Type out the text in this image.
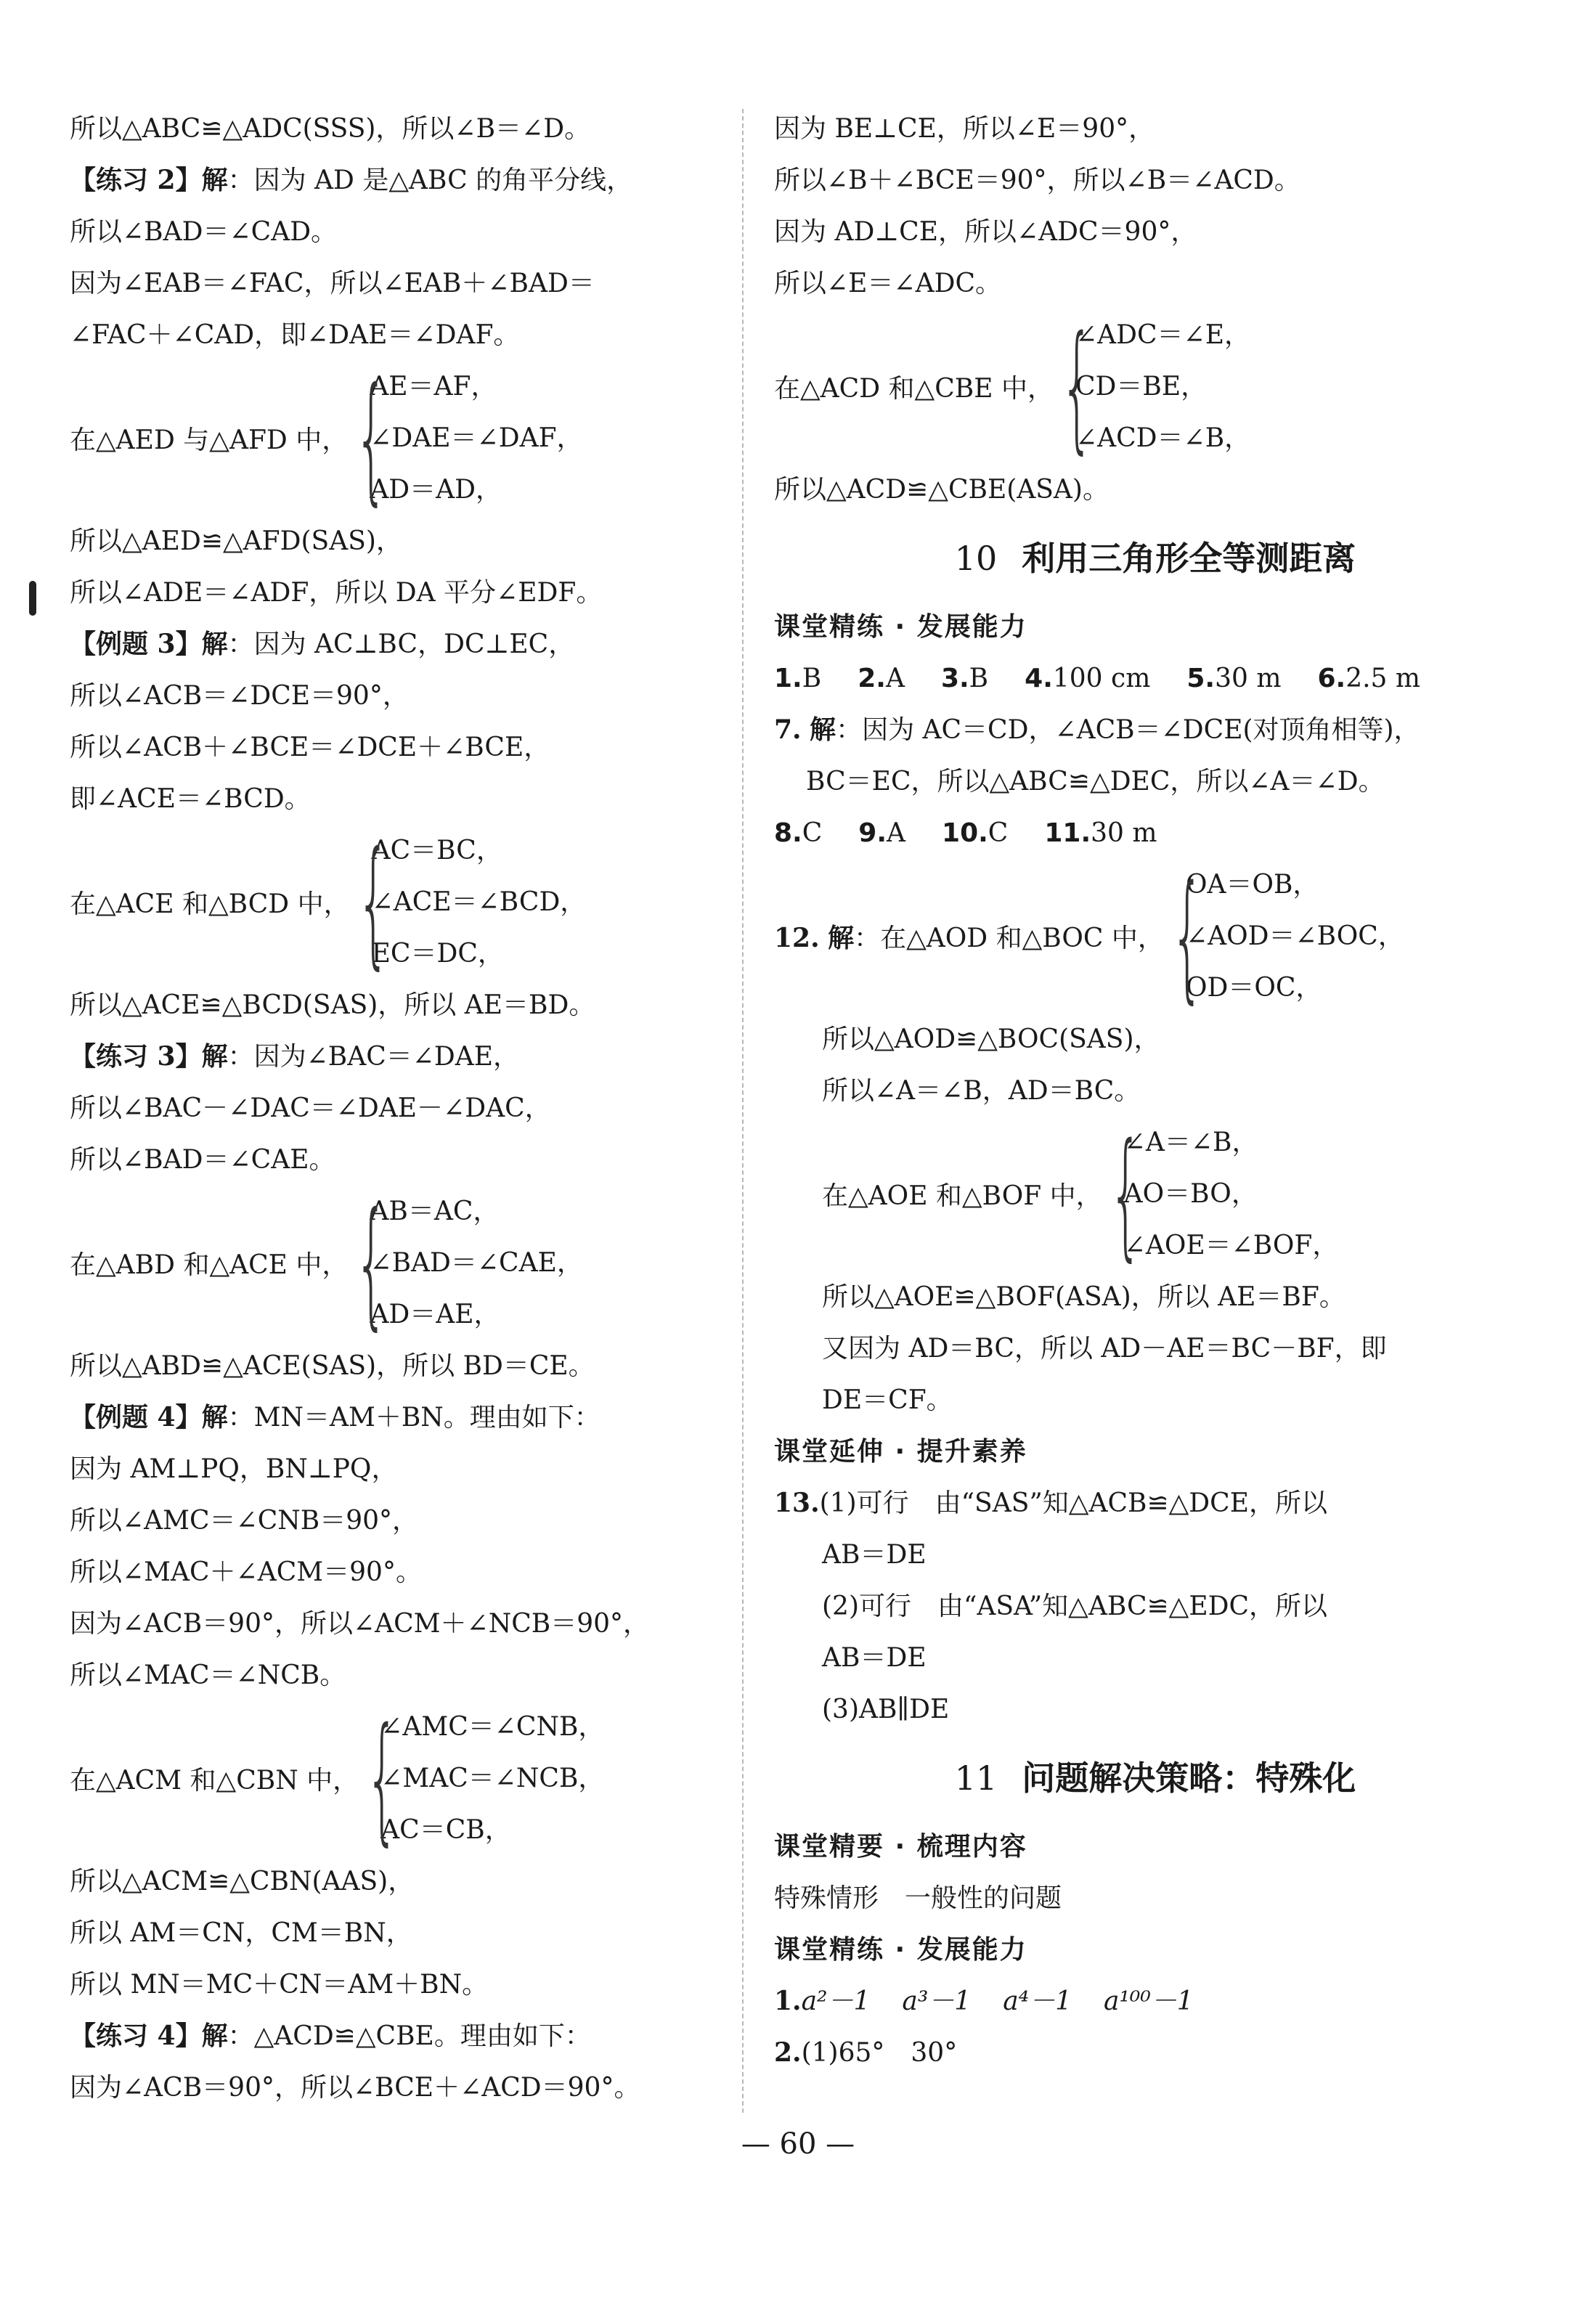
所以△ABC≌△ADC(SSS)，所以∠B＝∠D。
【练习 2】解：因为 AD 是△ABC 的角平分线，
所以∠BAD＝∠CAD。
因为∠EAB＝∠FAC，所以∠EAB＋∠BAD＝
∠FAC＋∠CAD，即∠DAE＝∠DAF。
在△AED 与△AFD 中， {
AE＝AF，
∠DAE＝∠DAF，
AD＝AD，
所以△AED≌△AFD(SAS)，
所以∠ADE＝∠ADF，所以 DA 平分∠EDF。
【例题 3】解：因为 AC⊥BC，DC⊥EC，
所以∠ACB＝∠DCE＝90°，
所以∠ACB＋∠BCE＝∠DCE＋∠BCE，
即∠ACE＝∠BCD。
在△ACE 和△BCD 中， {
AC＝BC，
∠ACE＝∠BCD，
EC＝DC，
所以△ACE≌△BCD(SAS)，所以 AE＝BD。
【练习 3】解：因为∠BAC＝∠DAE，
所以∠BAC－∠DAC＝∠DAE－∠DAC，
所以∠BAD＝∠CAE。
在△ABD 和△ACE 中， {
AB＝AC，
∠BAD＝∠CAE，
AD＝AE，
所以△ABD≌△ACE(SAS)，所以 BD＝CE。
【例题 4】解：MN＝AM＋BN。理由如下：
因为 AM⊥PQ，BN⊥PQ，
所以∠AMC＝∠CNB＝90°，
所以∠MAC＋∠ACM＝90°。
因为∠ACB＝90°，所以∠ACM＋∠NCB＝90°，
所以∠MAC＝∠NCB。
在△ACM 和△CBN 中， {
∠AMC＝∠CNB，
∠MAC＝∠NCB，
AC＝CB，
所以△ACM≌△CBN(AAS)，
所以 AM＝CN，CM＝BN，
所以 MN＝MC＋CN＝AM＋BN。
【练习 4】解：△ACD≌△CBE。理由如下：
因为∠ACB＝90°，所以∠BCE＋∠ACD＝90°。
因为 BE⊥CE，所以∠E＝90°，
所以∠B＋∠BCE＝90°，所以∠B＝∠ACD。
因为 AD⊥CE，所以∠ADC＝90°，
所以∠E＝∠ADC。
在△ACD 和△CBE 中， {
∠ADC＝∠E，
CD＝BE，
∠ACD＝∠B，
所以△ACD≌△CBE(ASA)。
10 利用三角形全等测距离
课堂精练 · 发展能力
1.B 2.A 3.B 4.100 cm 5.30 m 6.2.5 m
7. 解：因为 AC＝CD，∠ACB＝∠DCE(对顶角相等)，
BC＝EC，所以△ABC≌△DEC，所以∠A＝∠D。
8.C 9.A 10.C 11.30 m
12. 解：在△AOD 和△BOC 中， {
OA＝OB，
∠AOD＝∠BOC，
OD＝OC，
所以△AOD≌△BOC(SAS)，
所以∠A＝∠B，AD＝BC。
在△AOE 和△BOF 中， {
∠A＝∠B，
AO＝BO，
∠AOE＝∠BOF，
所以△AOE≌△BOF(ASA)，所以 AE＝BF。
又因为 AD＝BC，所以 AD－AE＝BC－BF，即
DE＝CF。
课堂延伸 · 提升素养
13.(1)可行　由“SAS”知△ACB≌△DCE，所以
AB＝DE
(2)可行　由“ASA”知△ABC≌△EDC，所以
AB＝DE
(3)AB∥DE
11 问题解决策略：特殊化
课堂精要 · 梳理内容
特殊情形　一般性的问题
课堂精练 · 发展能力
1.a²－1 a³－1 a⁴－1 a¹⁰⁰－1
2.(1)65°　30°
— 60 —
